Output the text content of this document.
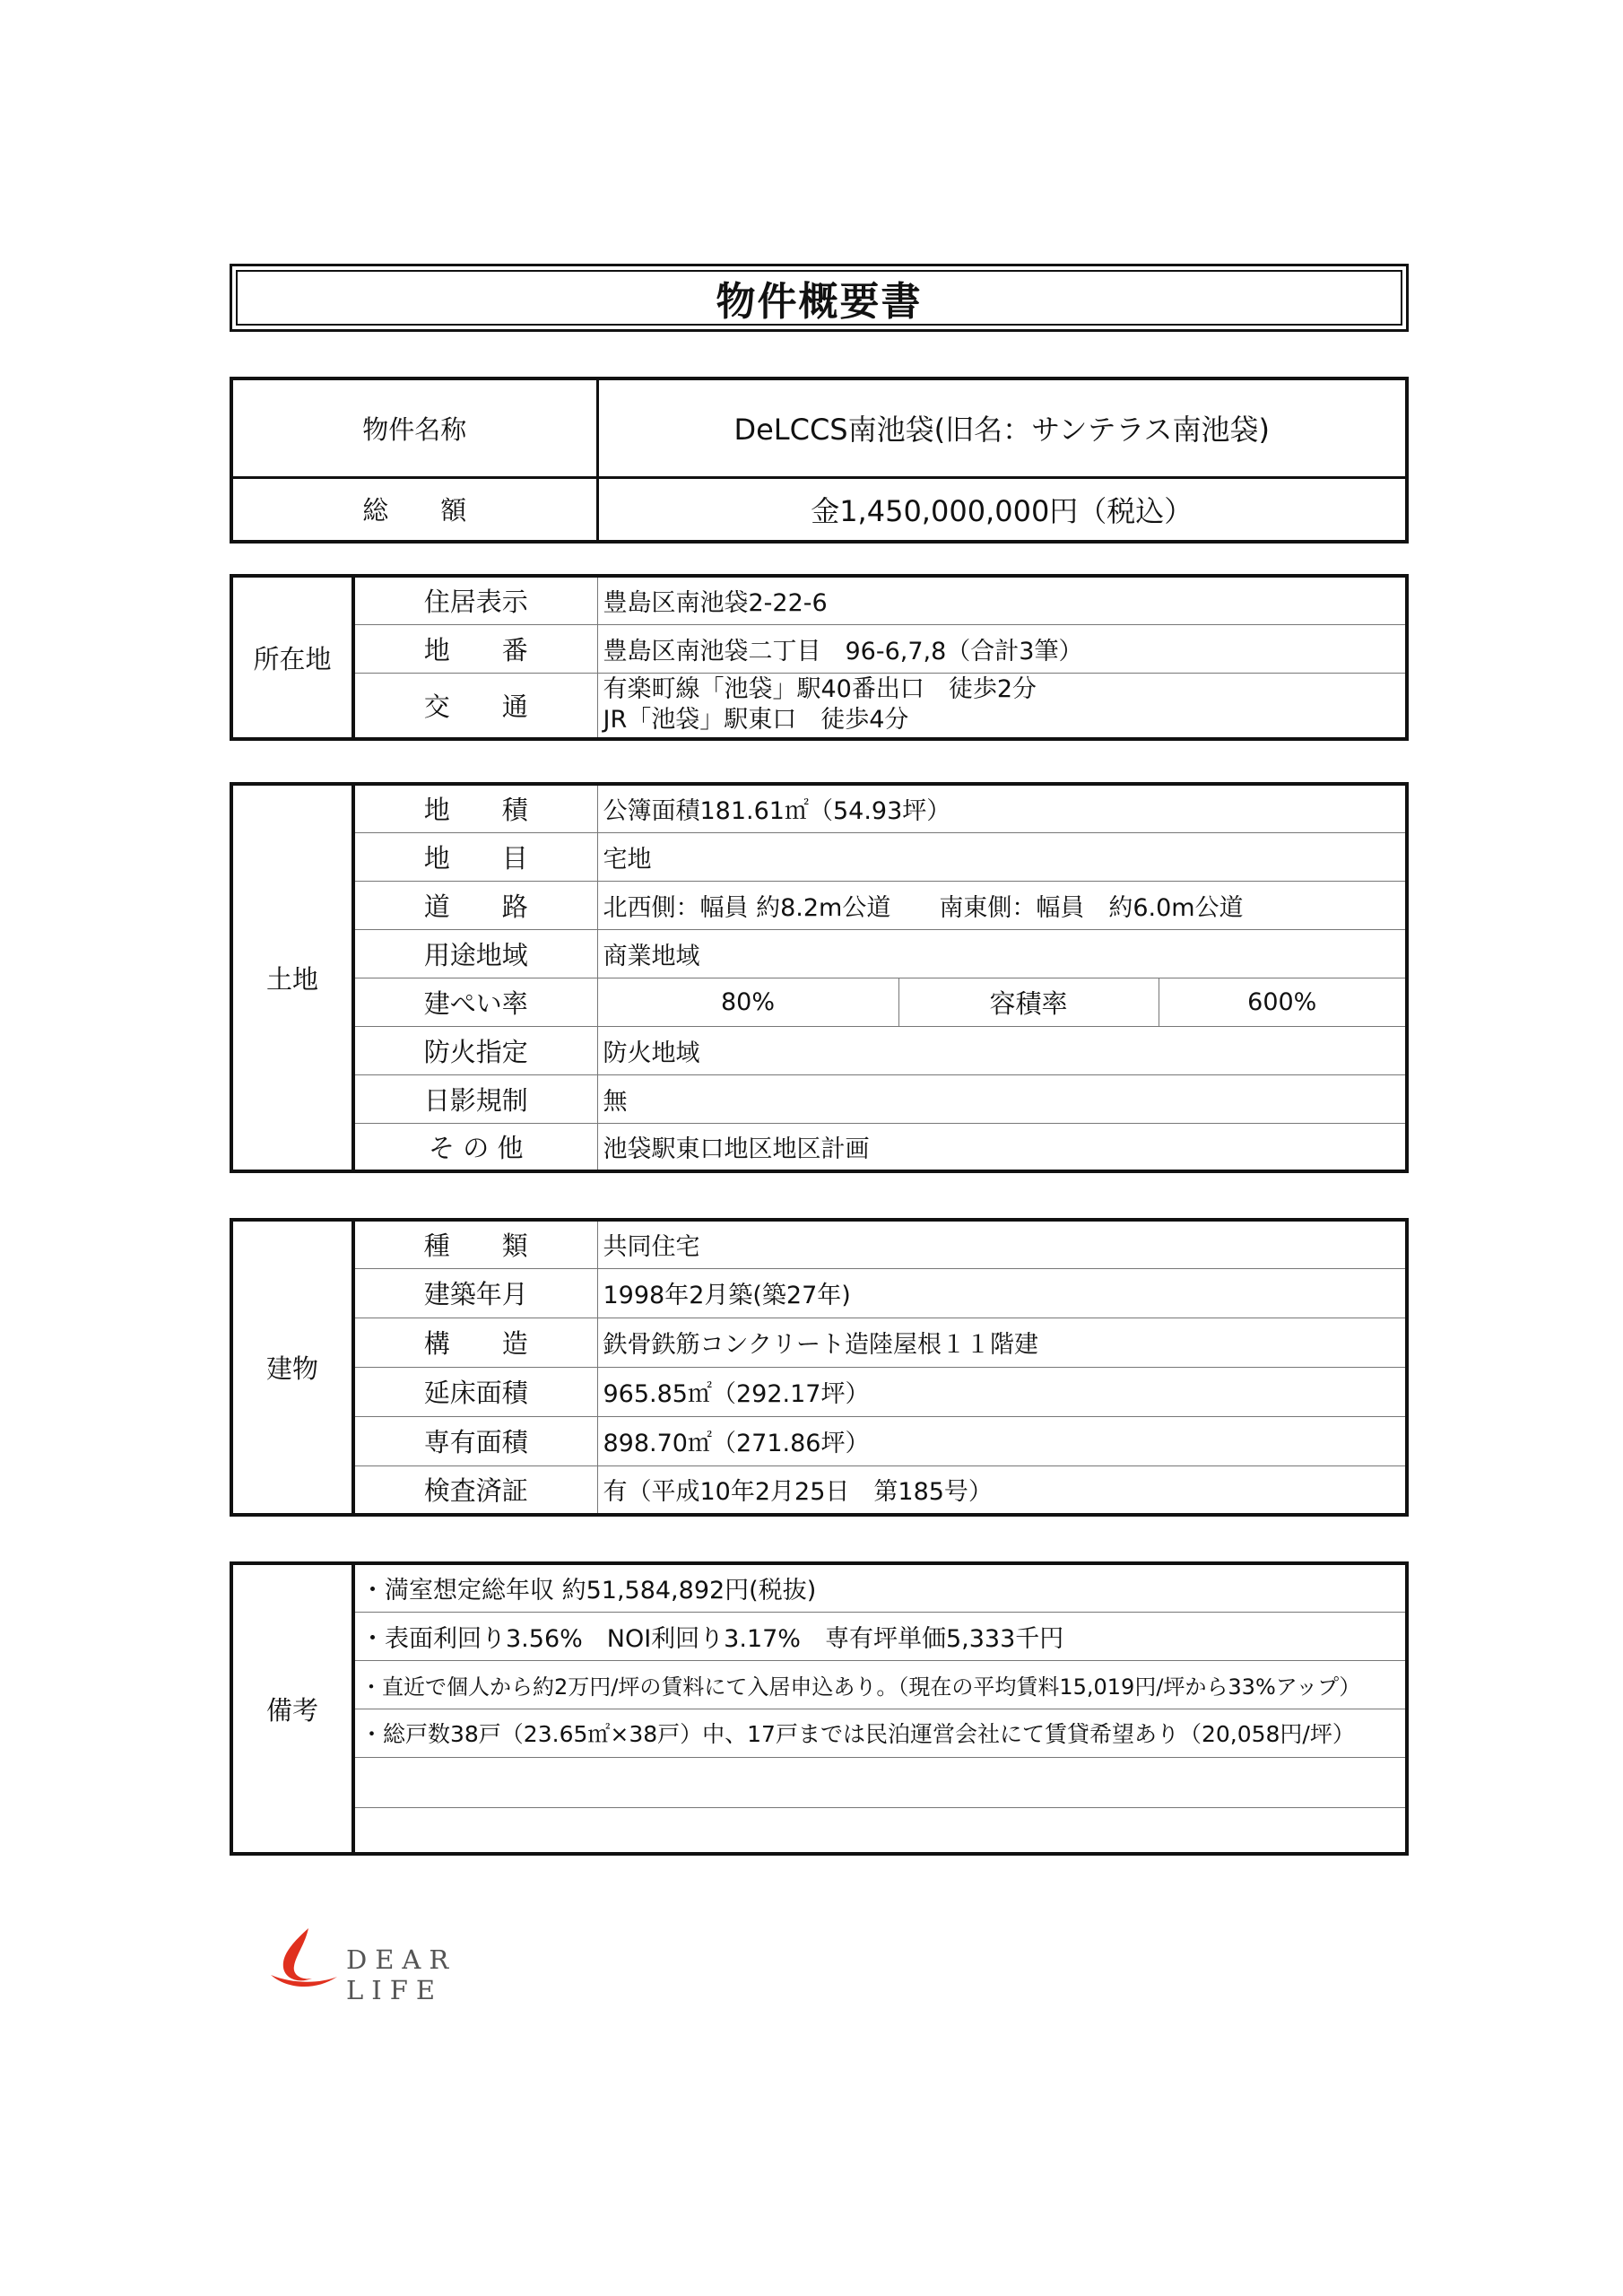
物件概要書
物件名称	DeLCCS南池袋(旧名：サンテラス南池袋)
総　　額	金1,450,000,000円（税込）
所在地	住居表示	豊島区南池袋2-22-6
	地　　番	豊島区南池袋二丁目　96-6,7,8（合計3筆）
	交　　通	有楽町線「池袋」駅40番出口　徒歩2分
JR「池袋」駅東口　徒歩4分
土地	地　　積	公簿面積181.61㎡（54.93坪）		
	地　　目	宅地		
	道　　路	北西側：幅員 約8.2m公道　　南東側：幅員　約6.0m公道		
	用途地域	商業地域		
	建ぺい率	80%	容積率	600%
	防火指定	防火地域		
	日影規制	無		
	そ の 他	池袋駅東口地区地区計画		
建物	種　　類	共同住宅
	建築年月	1998年2月築(築27年)
	構　　造	鉄骨鉄筋コンクリート造陸屋根１１階建
	延床面積	965.85㎡（292.17坪）
	専有面積	898.70㎡（271.86坪）
	検査済証	有（平成10年2月25日　第185号）
備考	・満室想定総年収 約51,584,892円(税抜)
・表面利回り3.56%　NOI利回り3.17%　専有坪単価5,333千円
・直近で個人から約2万円/坪の賃料にて入居申込あり。（現在の平均賃料15,019円/坪から33%アップ）
・総戸数38戸（23.65㎡×38戸）中、17戸までは民泊運営会社にて賃貸希望あり（20,058円/坪）

DEAR LIFE
